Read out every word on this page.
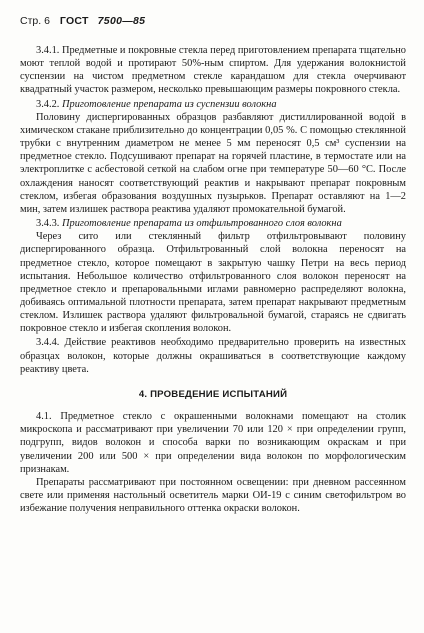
Стр. 6 ГОСТ 7500—85

3.4.1. Предметные и покровные стекла перед приготовлением препарата тщательно моют теплой водой и протирают 50%-ным спиртом. Для удержания волокнистой суспензии на чистом предметном стекле карандашом для стекла очерчивают квадратный участок размером, несколько превышающим размеры покровного стекла.

3.4.2. Приготовление препарата из суспензии волокна

Половину диспергированных образцов разбавляют дистиллированной водой в химическом стакане приблизительно до концентрации 0,05 %. С помощью стеклянной трубки с внутренним диаметром не менее 5 мм переносят 0,5 см³ суспензии на предметное стекло. Подсушивают препарат на горячей пластине, в термостате или на электроплитке с асбестовой сеткой на слабом огне при температуре 50—60 °С. После охлаждения наносят соответствующий реактив и накрывают препарат покровным стеклом, избегая образования воздушных пузырьков. Препарат оставляют на 1—2 мин, затем излишек раствора реактива удаляют промокательной бумагой.

3.4.3. Приготовление препарата из отфильтрованного слоя волокна

Через сито или стеклянный фильтр отфильтровывают половину диспергированного образца. Отфильтрованный слой волокна переносят на предметное стекло, которое помещают в закрытую чашку Петри на весь период испытания. Небольшое количество отфильтрованного слоя волокон переносят на предметное стекло и препаровальными иглами равномерно распределяют волокна, добиваясь оптимальной плотности препарата, затем препарат накрывают предметным стеклом. Излишек раствора удаляют фильтровальной бумагой, стараясь не сдвигать покровное стекло и избегая скопления волокон.

3.4.4. Действие реактивов необходимо предварительно проверить на известных образцах волокон, которые должны окрашиваться в соответствующие каждому реактиву цвета.

4. ПРОВЕДЕНИЕ ИСПЫТАНИЙ

4.1. Предметное стекло с окрашенными волокнами помещают на столик микроскопа и рассматривают при увеличении 70 или 120 × при определении групп, подгрупп, видов волокон и способа варки по возникающим окраскам и при увеличении 200 или 500 × при определении вида волокон по морфологическим признакам.

Препараты рассматривают при постоянном освещении: при дневном рассеянном свете или применяя настольный осветитель марки ОИ-19 с синим светофильтром во избежание получения неправильного оттенка окраски волокон.
